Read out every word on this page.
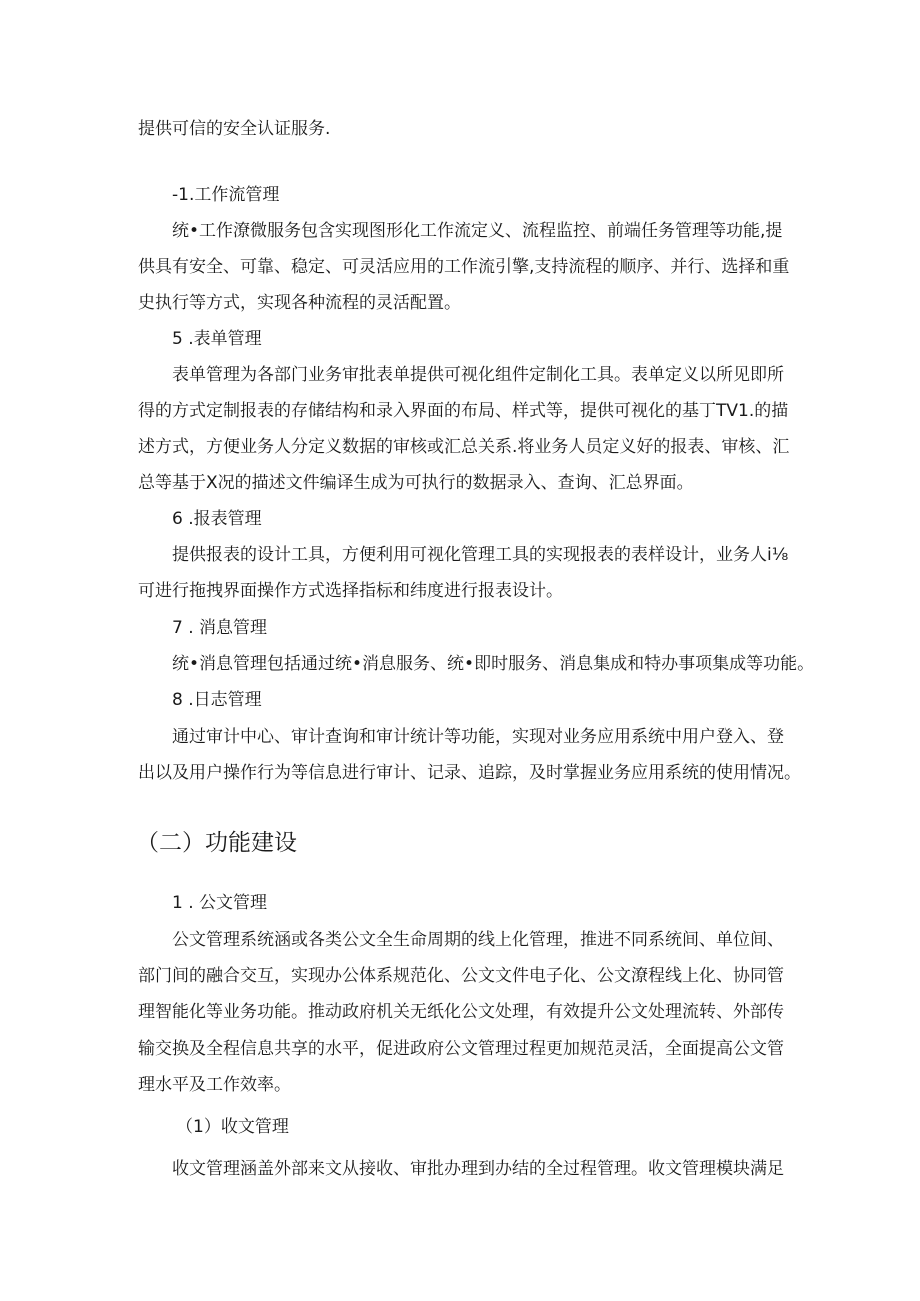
提供可信的安全认证服务.
-1.工作流管理
统•工作潦微服务包含实现图形化工作流定义、流程监控、前端任务管理等功能,提
供具有安全、可靠、稳定、可灵活应用的工作流引擎,支持流程的顺序、并行、选择和重
史执行等方式，实现各种流程的灵活配置。
5 .表单管理
表单管理为各部门业务审批表单提供可视化组件定制化工具。表单定义以所见即所
得的方式定制报表的存储结构和录入界面的布局、样式等，提供可视化的基丁TV1.的描
述方式，方便业务人分定义数据的审核或汇总关系.将业务人员定义好的报表、审核、汇
总等基于X况的描述文件编译生成为可执行的数据录入、查询、汇总界面。
6 .报表管理
提供报表的设计工具，方便利用可视化管理工具的实现报表的表样设计，业务人i⅛
可进行拖拽界面操作方式选择指标和纬度进行报表设计。
7 . 消息管理
统•消息管理包括通过统•消息服务、统•即时服务、消息集成和特办事项集成等功能。
8 .日志管理
通过审计中心、审计查询和审计统计等功能，实现对业务应用系统中用户登入、登
出以及用户操作行为等信息进行审计、记录、追踪，及时掌握业务应用系统的使用情况。
（二）功能建设
1 . 公文管理
公文管理系统涵或各类公文全生命周期的线上化管理，推进不同系统间、单位间、
部门间的融合交互，实现办公体系规范化、公文文件电子化、公文潦程线上化、协同管
理智能化等业务功能。推动政府机关无纸化公文处理，有效提升公文处理流转、外部传
输交换及全程信息共享的水平，促进政府公文管理过程更加规范灵活，全面提高公文管
理水平及工作效率。
（1）收文管理
收文管理涵盖外部来文从接收、审批办理到办结的全过程管理。收文管理模块满足
